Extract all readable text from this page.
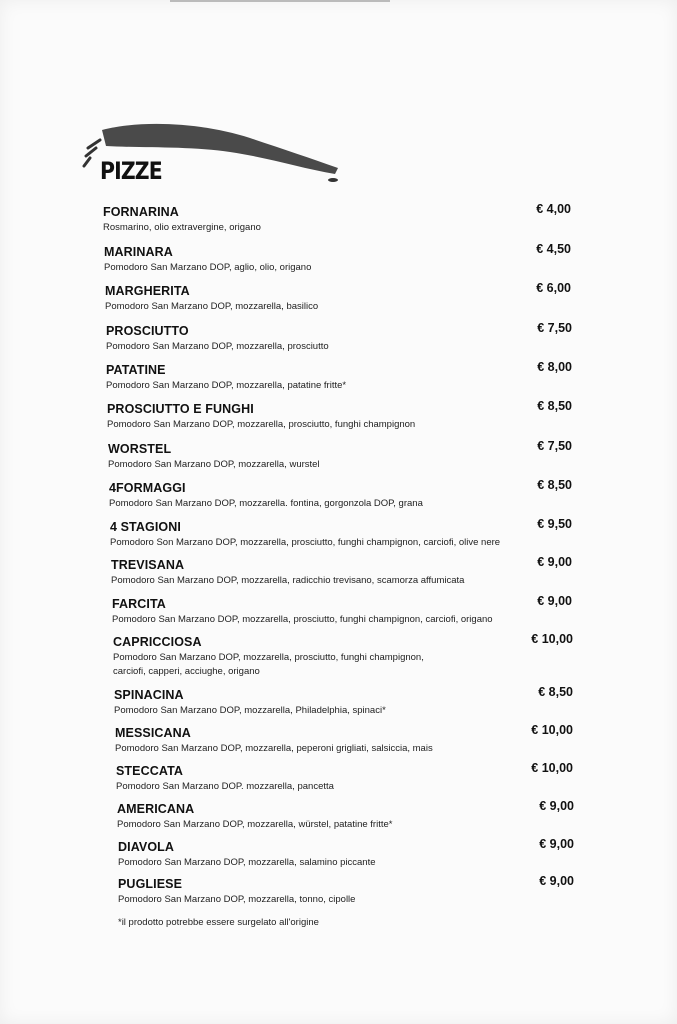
PIZZE
FORNARINA
Rosmarino, olio extravergine, origano
€ 4,00
MARINARA
Pomodoro San Marzano DOP, aglio, olio, origano
€ 4,50
MARGHERITA
Pomodoro San Marzano DOP, mozzarella, basilico
€ 6,00
PROSCIUTTO
Pomodoro San Marzano DOP, mozzarella, prosciutto
€ 7,50
PATATINE
Pomodoro San Marzano DOP, mozzarella, patatine fritte*
€ 8,00
PROSCIUTTO E FUNGHI
Pomodoro San Marzano DOP, mozzarella, prosciutto, funghi champignon
€ 8,50
WORSTEL
Pomodoro San Marzano DOP, mozzarella, wurstel
€ 7,50
4FORMAGGI
Pomodoro San Marzano DOP, mozzarella. fontina, gorgonzola DOP, grana
€ 8,50
4 STAGIONI
Pomodoro Son Marzano DOP, mozzarella, prosciutto, funghi champignon, carciofi, olive nere
€ 9,50
TREVISANA
Pomodoro San Marzano DOP, mozzarella, radicchio trevisano, scamorza affumicata
€ 9,00
FARCITA
Pomodoro San Marzano DOP, mozzarella, prosciutto, funghi champignon, carciofi, origano
€ 9,00
CAPRICCIOSA
Pomodoro San Marzano DOP, mozzarella, prosciutto, funghi champignon,
carciofi, capperi, acciughe, origano
€ 10,00
SPINACINA
Pomodoro San Marzano DOP, mozzarella, Philadelphia, spinaci*
€ 8,50
MESSICANA
Pomodoro San Marzano DOP, mozzarella, peperoni grigliati, salsiccia, mais
€ 10,00
STECCATA
Pomodoro San Marzano DOP. mozzarella, pancetta
€ 10,00
AMERICANA
Pomodoro San Marzano DOP, mozzarella, würstel, patatine fritte*
€ 9,00
DIAVOLA
Pomodoro San Marzano DOP, mozzarella, salamino piccante
€ 9,00
PUGLIESE
Pomodoro San Marzano DOP, mozzarella, tonno, cipolle
€ 9,00
*il prodotto potrebbe essere surgelato all'origine
